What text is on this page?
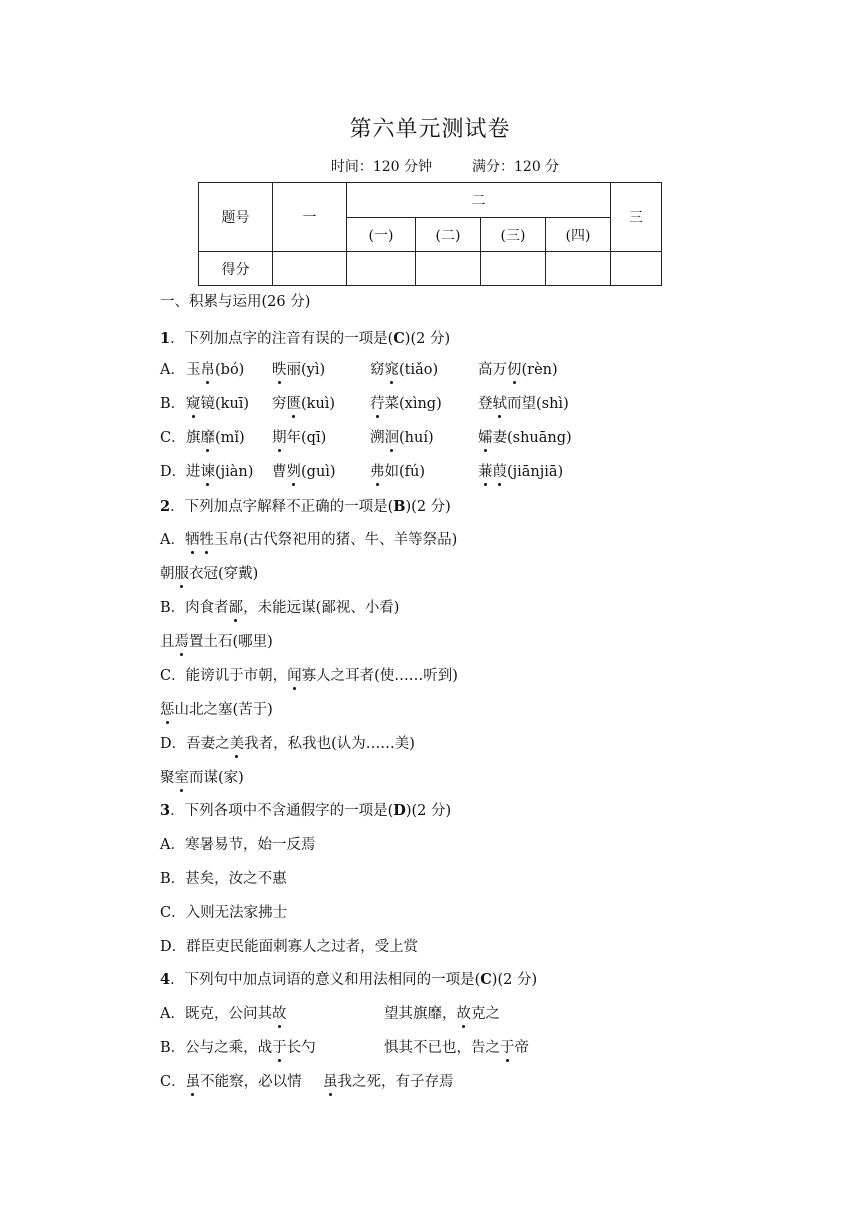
第六单元测试卷
时间：120 分钟	满分：120 分
题号	一	二				三
		(一)	(二)	(三)	(四)	
得分						
一、积累与运用(26 分)
1．下列加点字的注音有误的一项是(C)(2 分)
A． 玉帛(bó) 昳丽(yì)	窈窕(tiǎo)	高万仞(rèn)
B． 窥镜(kuī) 穷匮(kuì) 荇菜(xìng)	登轼而望(shì)
C． 旗靡(mǐ) 期年(qī)	溯洄(huí)	孀妻(shuāng)
D． 进谏(jiàn) 曹刿(guì) 弗如(fú)	蒹葭(jiānjiā)
2．下列加点字解释不正确的一项是(B)(2 分)
A．牺牲玉帛(古代祭祀用的猪、牛、羊等祭品)
朝服衣冠(穿戴)
B．肉食者鄙，未能远谋(鄙视、小看)
且焉置土石(哪里)
C．能谤讥于市朝，闻寡人之耳者(使……听到)
惩山北之塞(苦于)
D．吾妻之美我者，私我也(认为……美)
聚室而谋(家)
3．下列各项中不含通假字的一项是(D)(2 分)
A．寒暑易节，始一反焉
B．甚矣，汝之不惠
C．入则无法家拂士
D．群臣吏民能面刺寡人之过者，受上赏
4．下列句中加点词语的意义和用法相同的一项是(C)(2 分)
A．既克，公问其故	望其旗靡，故克之
B．公与之乘，战于长勺	惧其不已也，告之于帝
C．虽不能察，必以情 虽我之死，有子存焉
